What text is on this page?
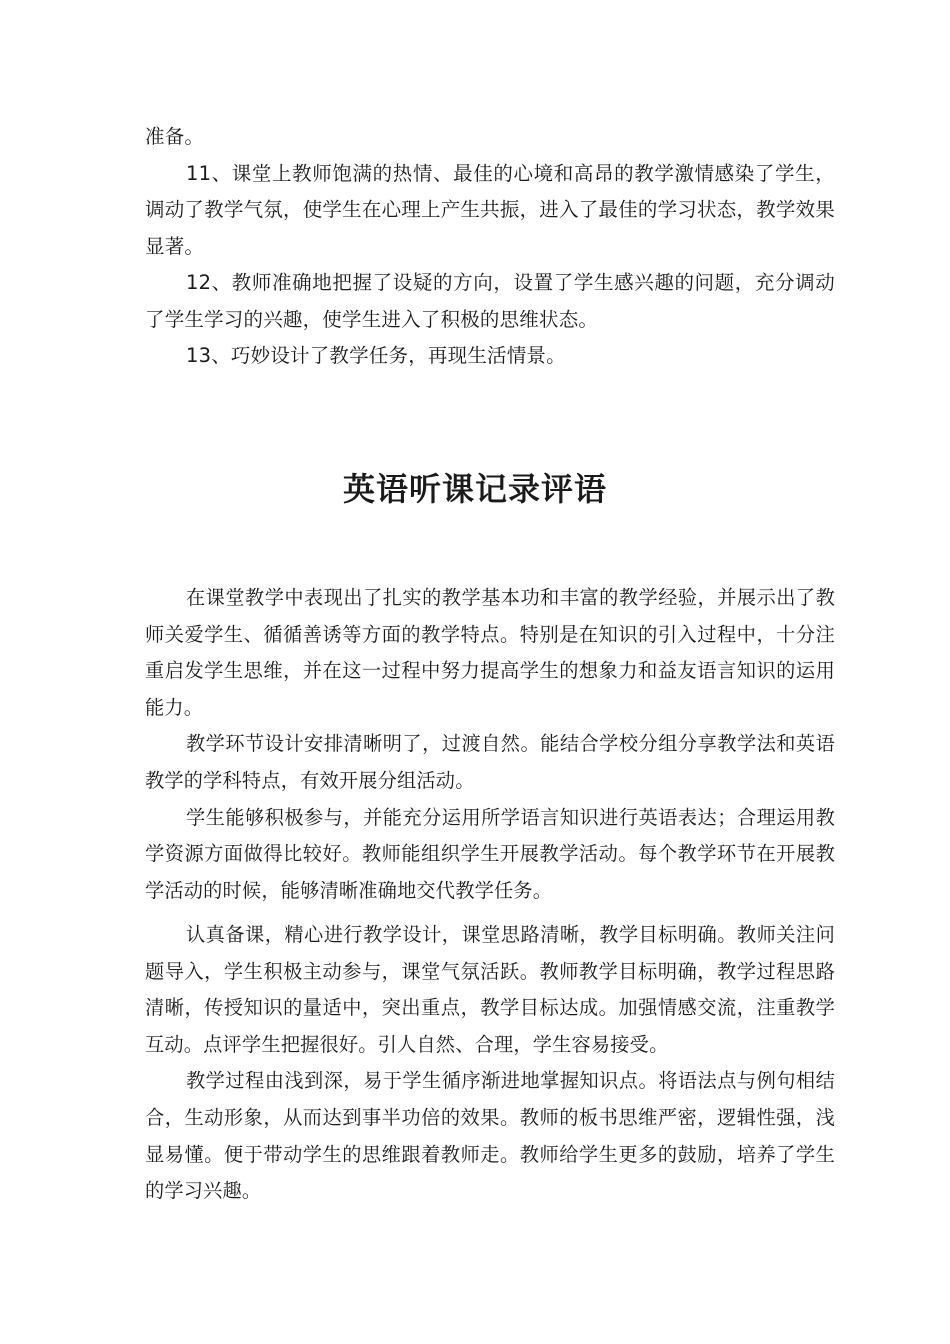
准备。

11、课堂上教师饱满的热情、最佳的心境和高昂的教学激情感染了学生，调动了教学气氛，使学生在心理上产生共振，进入了最佳的学习状态，教学效果显著。

12、教师准确地把握了设疑的方向，设置了学生感兴趣的问题，充分调动了学生学习的兴趣，使学生进入了积极的思维状态。

13、巧妙设计了教学任务，再现生活情景。

英语听课记录评语

在课堂教学中表现出了扎实的教学基本功和丰富的教学经验，并展示出了教师关爱学生、循循善诱等方面的教学特点。特别是在知识的引入过程中，十分注重启发学生思维，并在这一过程中努力提高学生的想象力和益友语言知识的运用能力。

教学环节设计安排清晰明了，过渡自然。能结合学校分组分享教学法和英语教学的学科特点，有效开展分组活动。

学生能够积极参与，并能充分运用所学语言知识进行英语表达；合理运用教学资源方面做得比较好。教师能组织学生开展教学活动。每个教学环节在开展教学活动的时候，能够清晰准确地交代教学任务。

认真备课，精心进行教学设计，课堂思路清晰，教学目标明确。教师关注问题导入，学生积极主动参与，课堂气氛活跃。教师教学目标明确，教学过程思路清晰，传授知识的量适中，突出重点，教学目标达成。加强情感交流，注重教学互动。点评学生把握很好。引人自然、合理，学生容易接受。

教学过程由浅到深，易于学生循序渐进地掌握知识点。将语法点与例句相结合，生动形象，从而达到事半功倍的效果。教师的板书思维严密，逻辑性强，浅显易懂。便于带动学生的思维跟着教师走。教师给学生更多的鼓励，培养了学生的学习兴趣。
